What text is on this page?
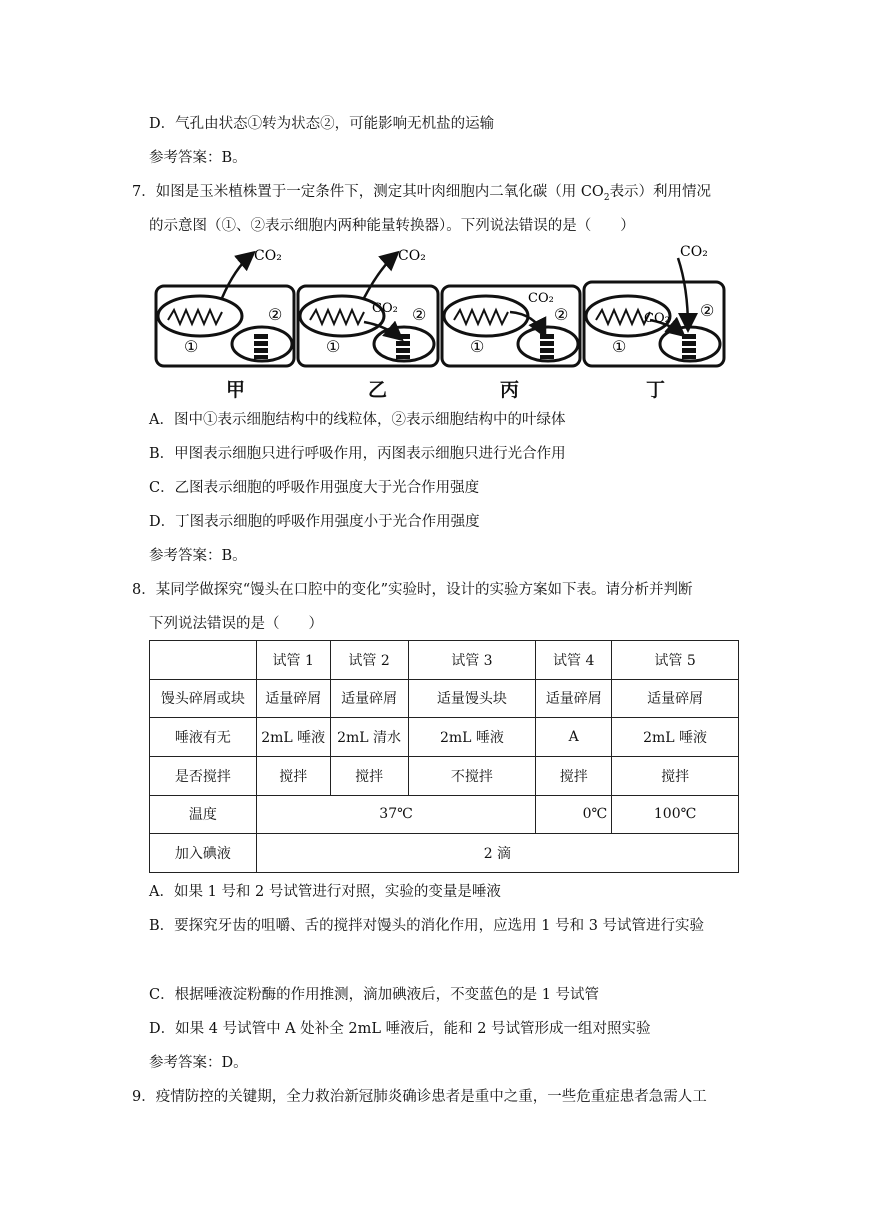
D．气孔由状态①转为状态②，可能影响无机盐的运输
参考答案：B。
7．如图是玉米植株置于一定条件下，测定其叶肉细胞内二氧化碳（用 $CO_2$表示）利用情况
的示意图（①、②表示细胞内两种能量转换器）。下列说法错误的是（　　）
CO₂
①
②
CO₂
CO₂
①
②
CO₂
①
②
CO₂
CO₂
①
②
甲	乙	丙	丁
A．图中①表示细胞结构中的线粒体，②表示细胞结构中的叶绿体
B．甲图表示细胞只进行呼吸作用，丙图表示细胞只进行光合作用
C．乙图表示细胞的呼吸作用强度大于光合作用强度
D．丁图表示细胞的呼吸作用强度小于光合作用强度
参考答案：B。
8．某同学做探究“馒头在口腔中的变化”实验时，设计的实验方案如下表。请分析并判断
下列说法错误的是（　　）
	试管 1	试管 2	试管 3	试管 4	试管 5
馒头碎屑或块	适量碎屑	适量碎屑	适量馒头块	适量碎屑	适量碎屑
唾液有无	2mL 唾液	2mL 清水	2mL 唾液	A	2mL 唾液
是否搅拌	搅拌	搅拌	不搅拌	搅拌	搅拌
温度	37℃			0℃	100℃
加入碘液	2 滴				
A．如果 1 号和 2 号试管进行对照，实验的变量是唾液
B．要探究牙齿的咀嚼、舌的搅拌对馒头的消化作用，应选用 1 号和 3 号试管进行实验
C．根据唾液淀粉酶的作用推测，滴加碘液后，不变蓝色的是 1 号试管
D．如果 4 号试管中 A 处补全 2mL 唾液后，能和 2 号试管形成一组对照实验
参考答案：D。
9．疫情防控的关键期，全力救治新冠肺炎确诊患者是重中之重，一些危重症患者急需人工
